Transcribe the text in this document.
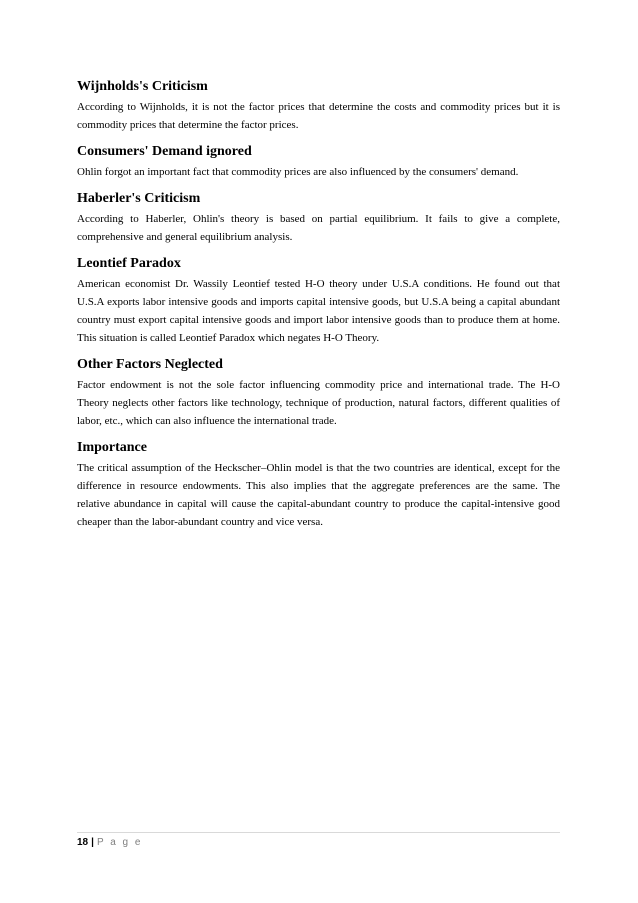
Wijnholds's Criticism

According to Wijnholds, it is not the factor prices that determine the costs and commodity prices but it is commodity prices that determine the factor prices.

Consumers' Demand ignored

Ohlin forgot an important fact that commodity prices are also influenced by the consumers' demand.

Haberler's Criticism

According to Haberler, Ohlin's theory is based on partial equilibrium. It fails to give a complete, comprehensive and general equilibrium analysis.

Leontief Paradox

American economist Dr. Wassily Leontief tested H-O theory under U.S.A conditions. He found out that U.S.A exports labor intensive goods and imports capital intensive goods, but U.S.A being a capital abundant country must export capital intensive goods and import labor intensive goods than to produce them at home. This situation is called Leontief Paradox which negates H-O Theory.

Other Factors Neglected

Factor endowment is not the sole factor influencing commodity price and international trade. The H-O Theory neglects other factors like technology, technique of production, natural factors, different qualities of labor, etc., which can also influence the international trade.

Importance

The critical assumption of the Heckscher–Ohlin model is that the two countries are identical, except for the difference in resource endowments. This also implies that the aggregate preferences are the same. The relative abundance in capital will cause the capital-abundant country to produce the capital-intensive good cheaper than the labor-abundant country and vice versa.

18 | P a g e
